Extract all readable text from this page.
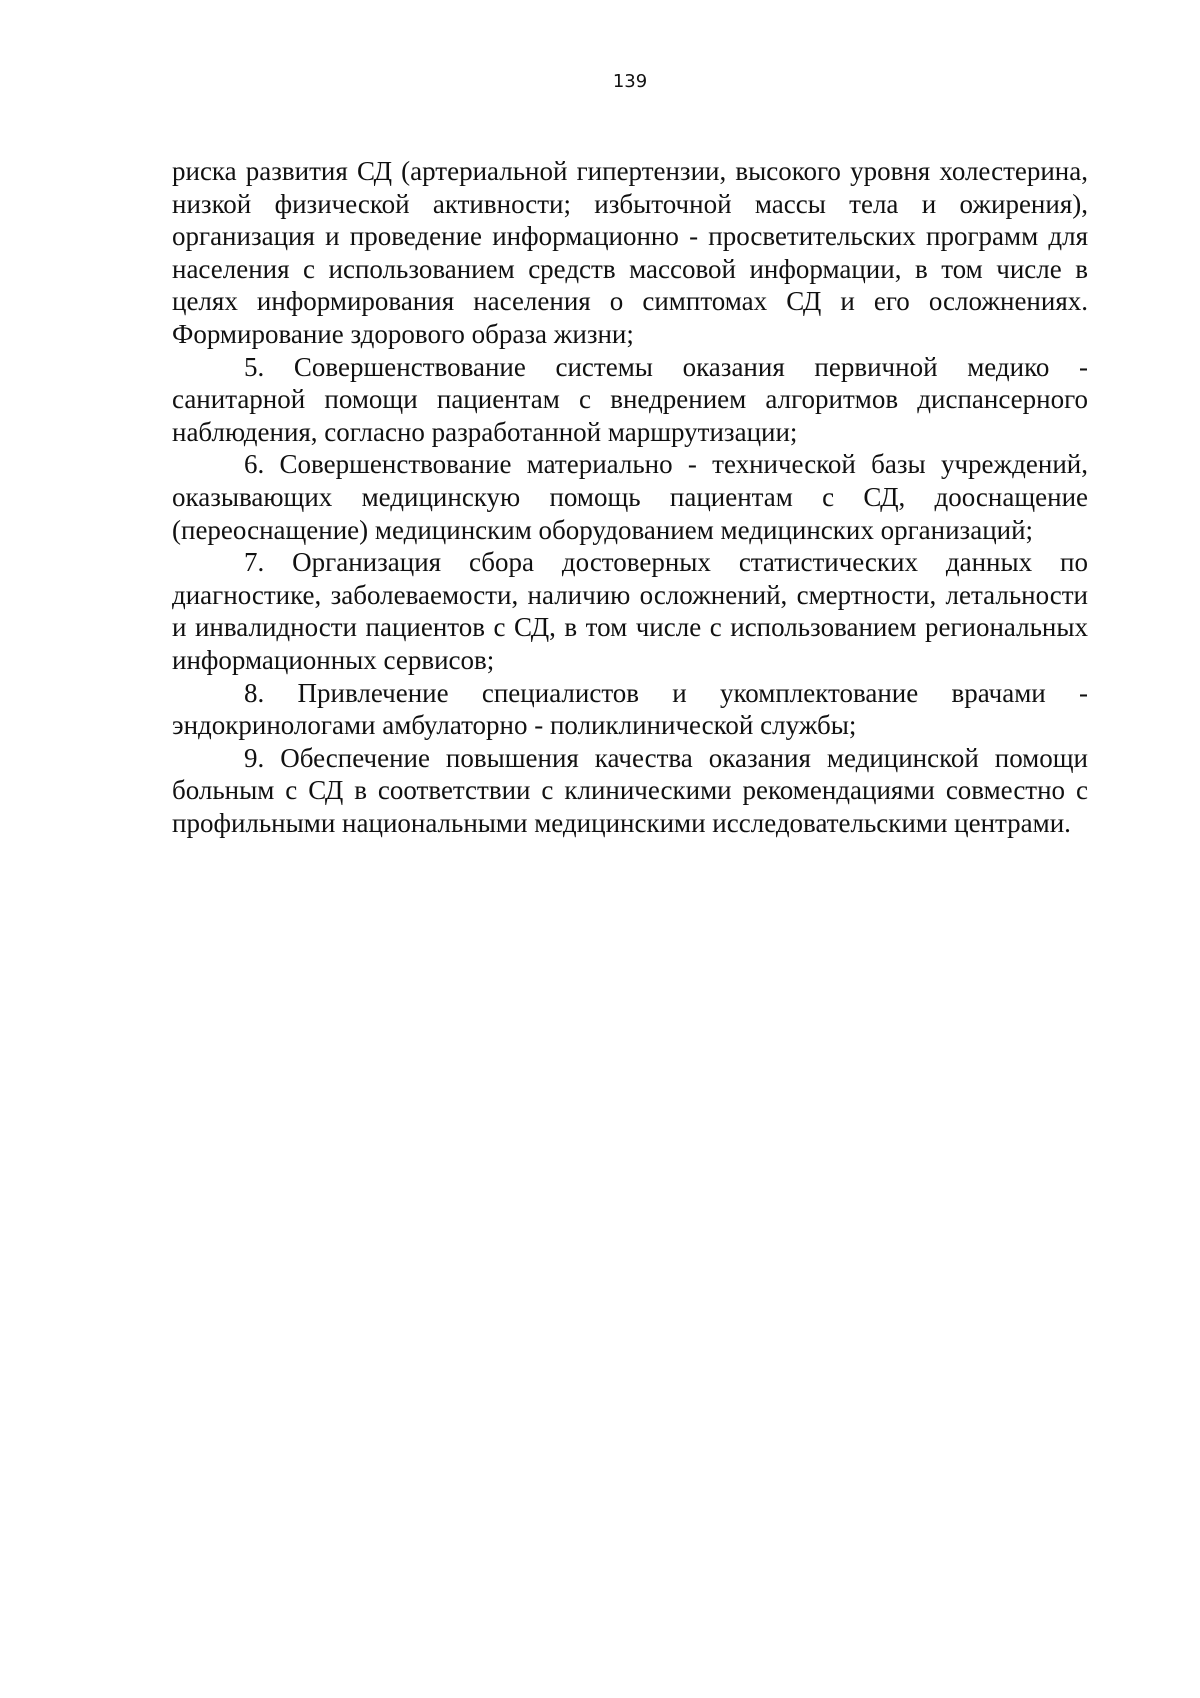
139

риска развития СД (артериальной гипертензии, высокого уровня холестерина, низкой физической активности; избыточной массы тела и ожирения), организация и проведение информационно - просветительских программ для населения с использованием средств массовой информации, в том числе в целях информирования населения о симптомах СД и его осложнениях. Формирование здорового образа жизни;

5. Совершенствование системы оказания первичной медико - санитарной помощи пациентам с внедрением алгоритмов диспансерного наблюдения, согласно разработанной маршрутизации;

6. Совершенствование материально - технической базы учреждений, оказывающих медицинскую помощь пациентам с СД, дооснащение (переоснащение) медицинским оборудованием медицинских организаций;

7. Организация сбора достоверных статистических данных по диагностике, заболеваемости, наличию осложнений, смертности, летальности и инвалидности пациентов с СД, в том числе с использованием региональных информационных сервисов;

8. Привлечение специалистов и укомплектование врачами - эндокринологами амбулаторно - поликлинической службы;

9. Обеспечение повышения качества оказания медицинской помощи больным с СД в соответствии с клиническими рекомендациями совместно с профильными национальными медицинскими исследовательскими центрами.
